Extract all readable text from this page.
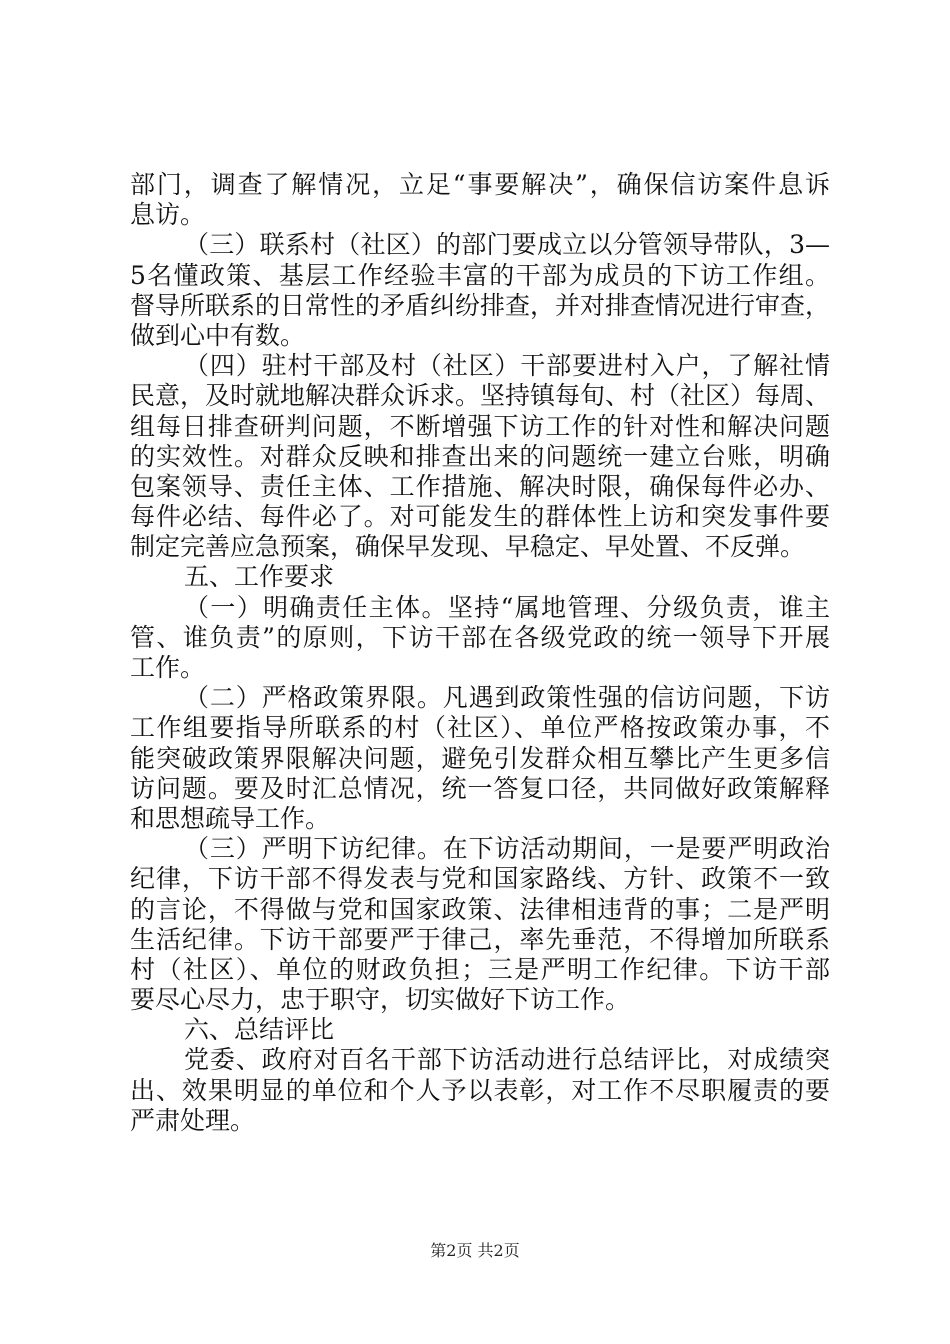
部门，调查了解情况，立足“事要解决”，确保信访案件息诉
息访。
（三）联系村（社区）的部门要成立以分管领导带队，3—
5名懂政策、基层工作经验丰富的干部为成员的下访工作组。
督导所联系的日常性的矛盾纠纷排查，并对排查情况进行审查，
做到心中有数。
（四）驻村干部及村（社区）干部要进村入户，了解社情
民意，及时就地解决群众诉求。坚持镇每旬、村（社区）每周、
组每日排查研判问题，不断增强下访工作的针对性和解决问题
的实效性。对群众反映和排查出来的问题统一建立台账，明确
包案领导、责任主体、工作措施、解决时限，确保每件必办、
每件必结、每件必了。对可能发生的群体性上访和突发事件要
制定完善应急预案，确保早发现、早稳定、早处置、不反弹。
五、工作要求
（一）明确责任主体。坚持“属地管理、分级负责，谁主
管、谁负责”的原则，下访干部在各级党政的统一领导下开展
工作。
（二）严格政策界限。凡遇到政策性强的信访问题，下访
工作组要指导所联系的村（社区）、单位严格按政策办事，不
能突破政策界限解决问题，避免引发群众相互攀比产生更多信
访问题。要及时汇总情况，统一答复口径，共同做好政策解释
和思想疏导工作。
（三）严明下访纪律。在下访活动期间，一是要严明政治
纪律，下访干部不得发表与党和国家路线、方针、政策不一致
的言论，不得做与党和国家政策、法律相违背的事；二是严明
生活纪律。下访干部要严于律己，率先垂范，不得增加所联系
村（社区）、单位的财政负担；三是严明工作纪律。下访干部
要尽心尽力，忠于职守，切实做好下访工作。
六、总结评比
党委、政府对百名干部下访活动进行总结评比，对成绩突
出、效果明显的单位和个人予以表彰，对工作不尽职履责的要
严肃处理。
第2页 共2页
